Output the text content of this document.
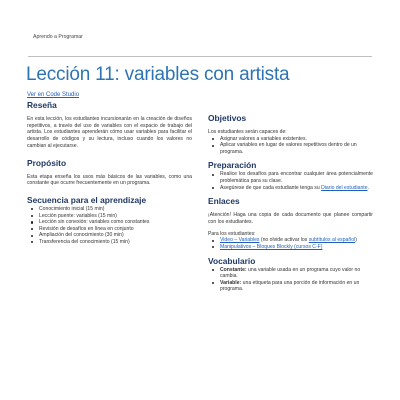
Aprendo a Programar
Lección 11: variables con artista
Ver en Code Studio
Reseña

En esta lección, los estudiantes incursionarán en la creación de diseños repetitivos, a través del uso de variables con el espacio de trabajo del artista. Los estudiantes aprenderán cómo usar variables para facilitar el desarrollo de códigos y su lectura, incluso cuando los valores no cambian al ejecutarse.

Propósito

Esta etapa enseña los usos más básicos de las variables, como una constante que ocurre frecuentemente en un programa.

Secuencia para el aprendizaje
Conocimiento inicial (15 min)
Lección puente: variables (15 min)
Lección sin conexión: variables como constantes
Revisión de desafíos en línea en conjunto
Ampliación del conocimiento (30 min)
Transferencia del conocimiento (15 min)
Objetivos

Los estudiantes serán capaces de:

Asignar valores a variables existentes.
Aplicar variables en lugar de valores repetitivos dentro de un programa.
Preparación
Realice los desafíos para encontrar cualquier área potencialmente problemática para su clase.
Asegúrese de que cada estudiante tenga su Diario del estudiante.
Enlaces

¡Atención! Haga una copia de cada documento que planee compartir con los estudiantes.

Para los estudiantes:

Video – Variables (no olvide activar los subtítulos al español)
Manipulativos – Bloques Blockly (cursos C-F)
Vocabulario
Constante: una variable usada en un programa cuyo valor no cambia.
Variable: una etiqueta para una porción de información en un programa.
